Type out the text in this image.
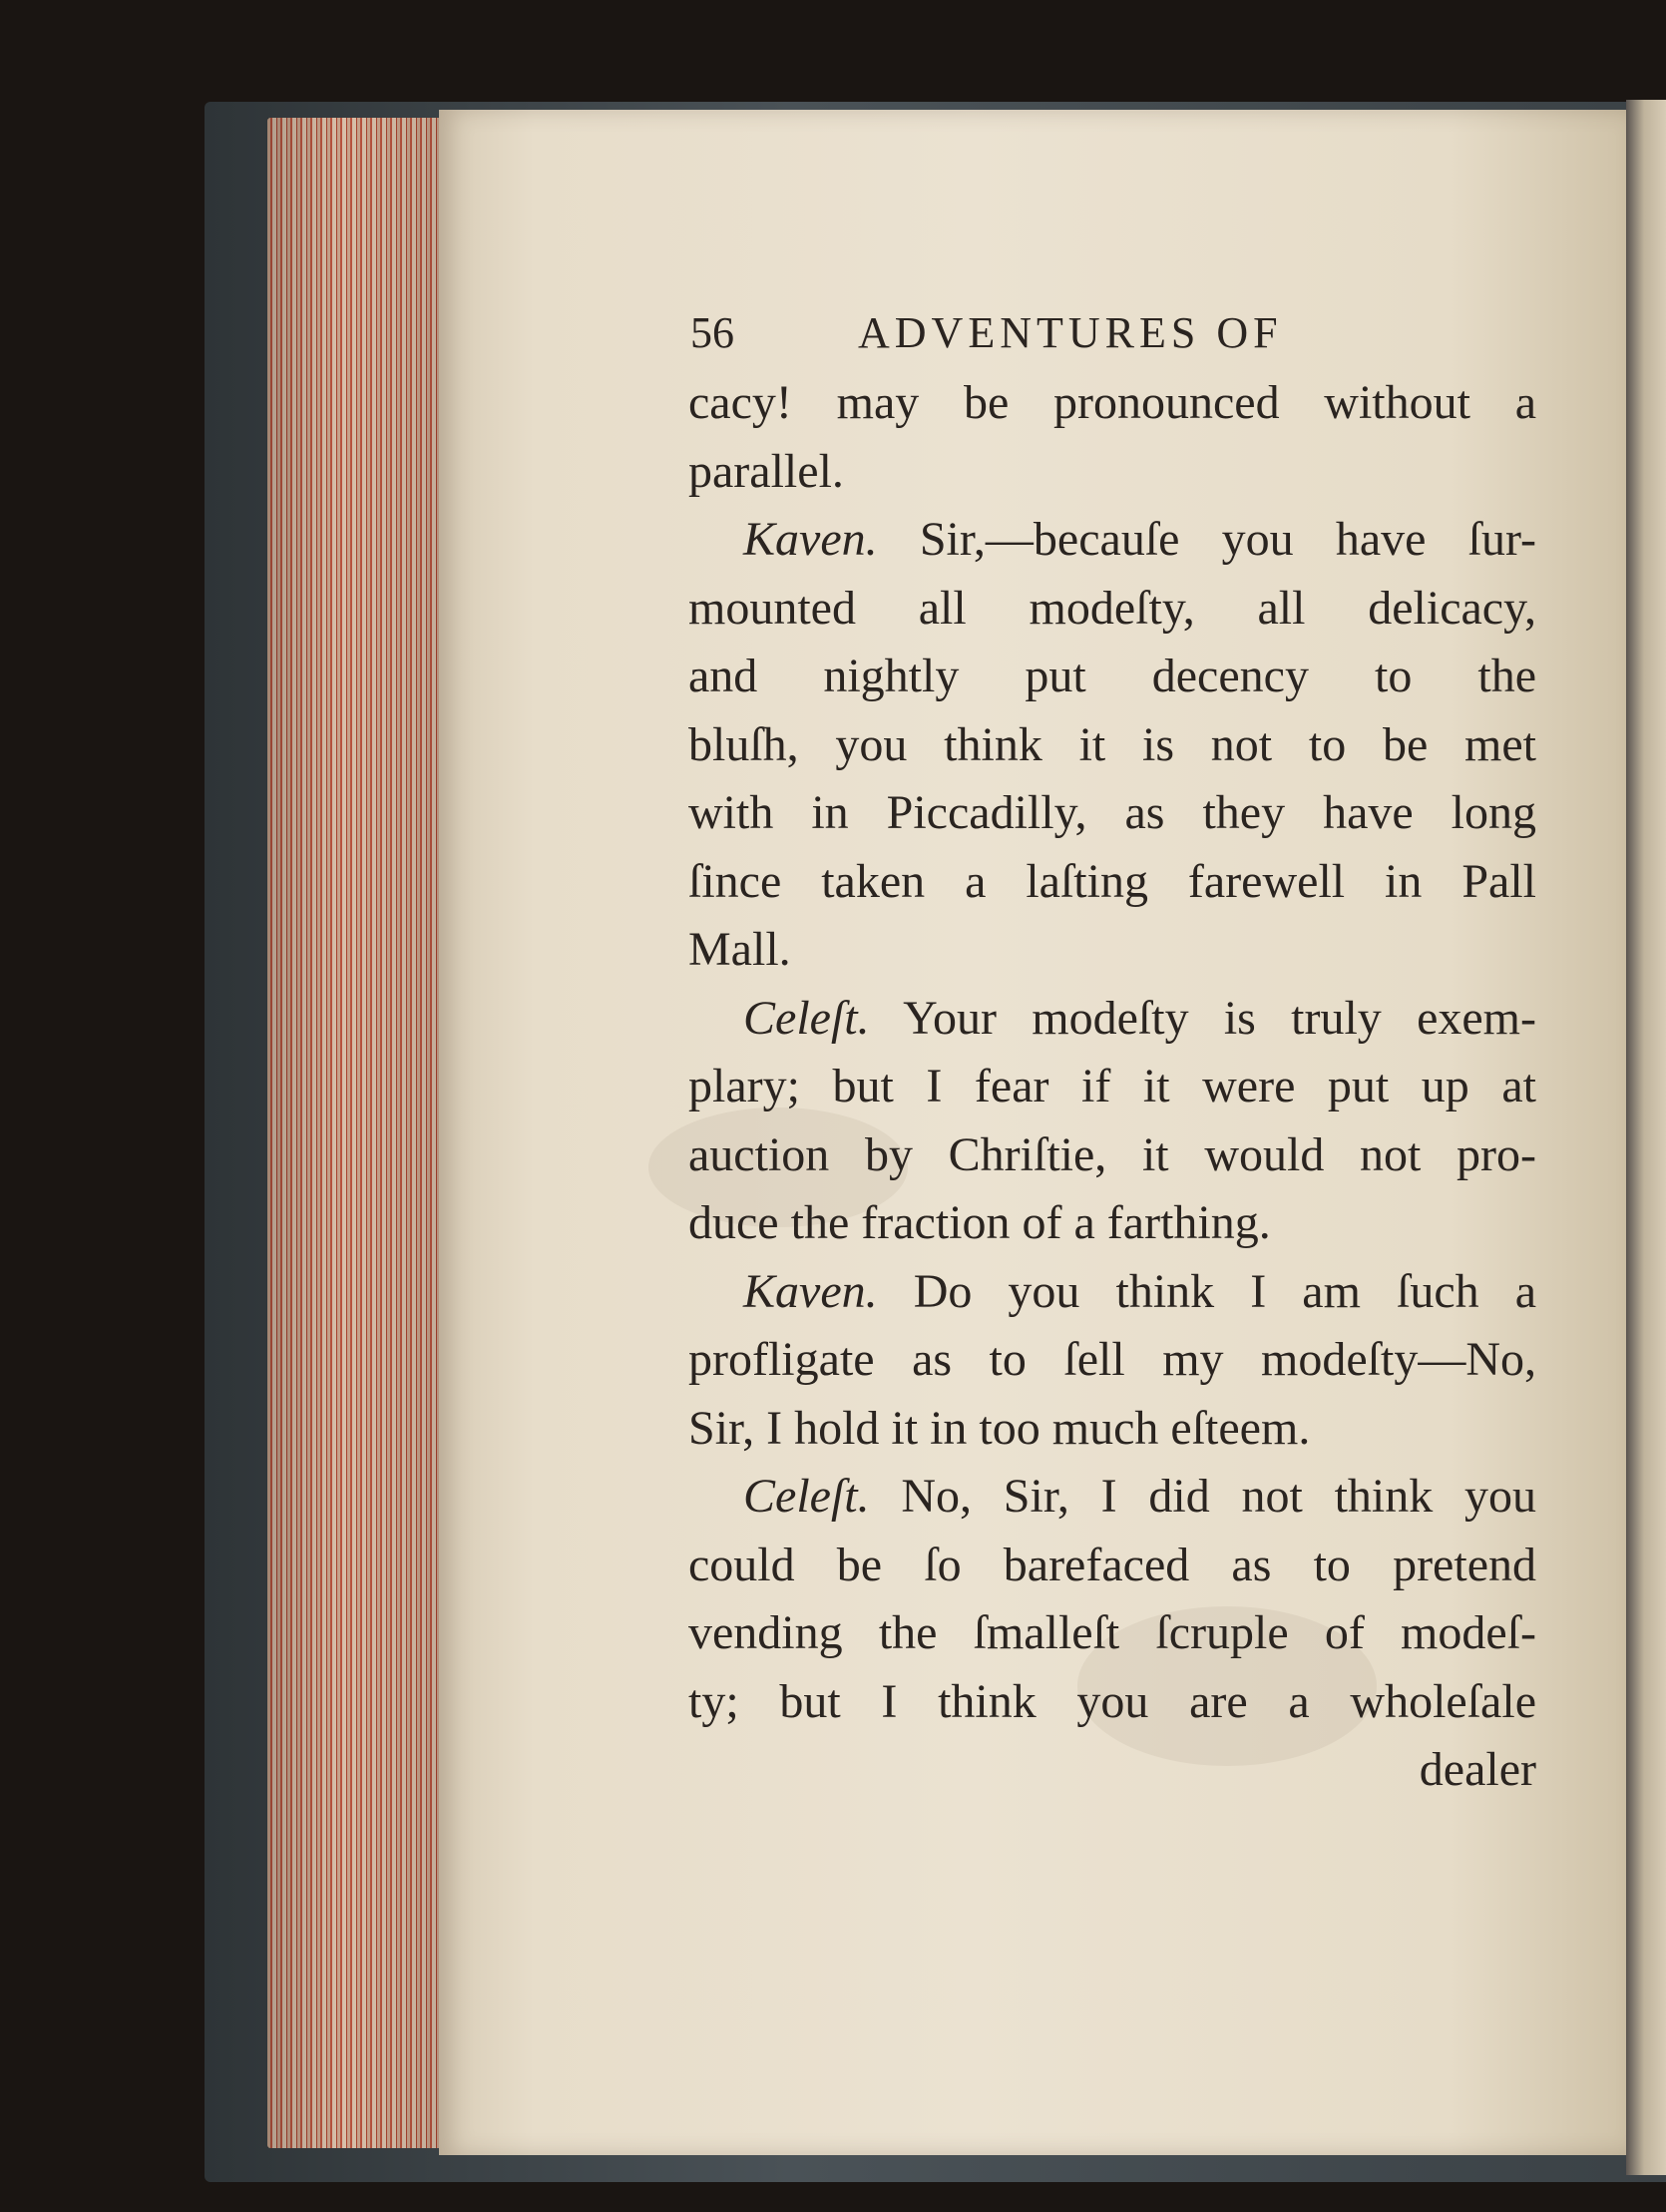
56	ADVENTURES OF
cacy! may be pronounced without a
parallel.
Kaven. Sir,—becauſe you have ſur-
mounted all modeſty, all delicacy,
and nightly put decency to the
bluſh, you think it is not to be met
with in Piccadilly, as they have long
ſince taken a laſting farewell in Pall
Mall.
Celeſt. Your modeſty is truly exem-
plary; but I fear if it were put up at
auction by Chriſtie, it would not pro-
duce the fraction of a farthing.
Kaven. Do you think I am ſuch a
profligate as to ſell my modeſty—No,
Sir, I hold it in too much eſteem.
Celeſt. No, Sir, I did not think you
could be ſo barefaced as to pretend
vending the ſmalleſt ſcruple of modeſ-
ty; but I think you are a wholeſale
dealer
